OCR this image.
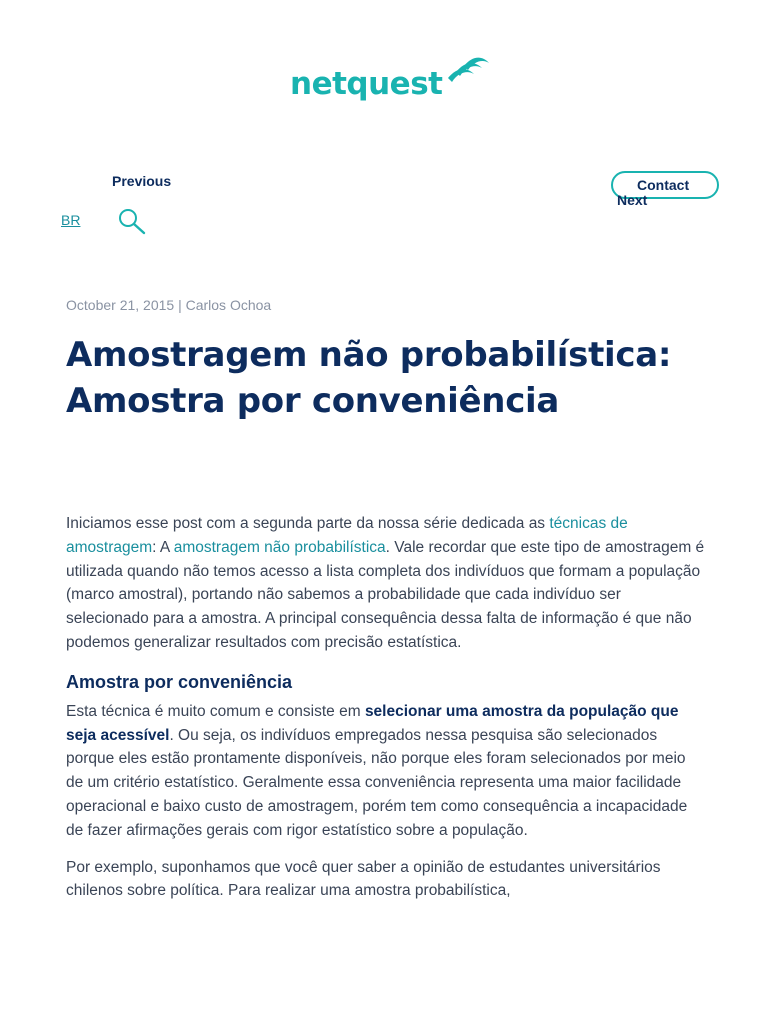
netquest
Previous
BR
Contact
Next
October 21, 2015 | Carlos Ochoa
Amostragem não probabilística: Amostra por conveniência

Iniciamos esse post com a segunda parte da nossa série dedicada as técnicas de amostragem: A amostragem não probabilística. Vale recordar que este tipo de amostragem é utilizada quando não temos acesso a lista completa dos indivíduos que formam a população (marco amostral), portando não sabemos a probabilidade que cada indivíduo ser selecionado para a amostra. A principal consequência dessa falta de informação é que não podemos generalizar resultados com precisão estatística.

Amostra por conveniência

Esta técnica é muito comum e consiste em selecionar uma amostra da população que seja acessível. Ou seja, os indivíduos empregados nessa pesquisa são selecionados porque eles estão prontamente disponíveis, não porque eles foram selecionados por meio de um critério estatístico. Geralmente essa conveniência representa uma maior facilidade operacional e baixo custo de amostragem, porém tem como consequência a incapacidade de fazer afirmações gerais com rigor estatístico sobre a população.

Por exemplo, suponhamos que você quer saber a opinião de estudantes universitários chilenos sobre política. Para realizar uma amostra probabilística,
